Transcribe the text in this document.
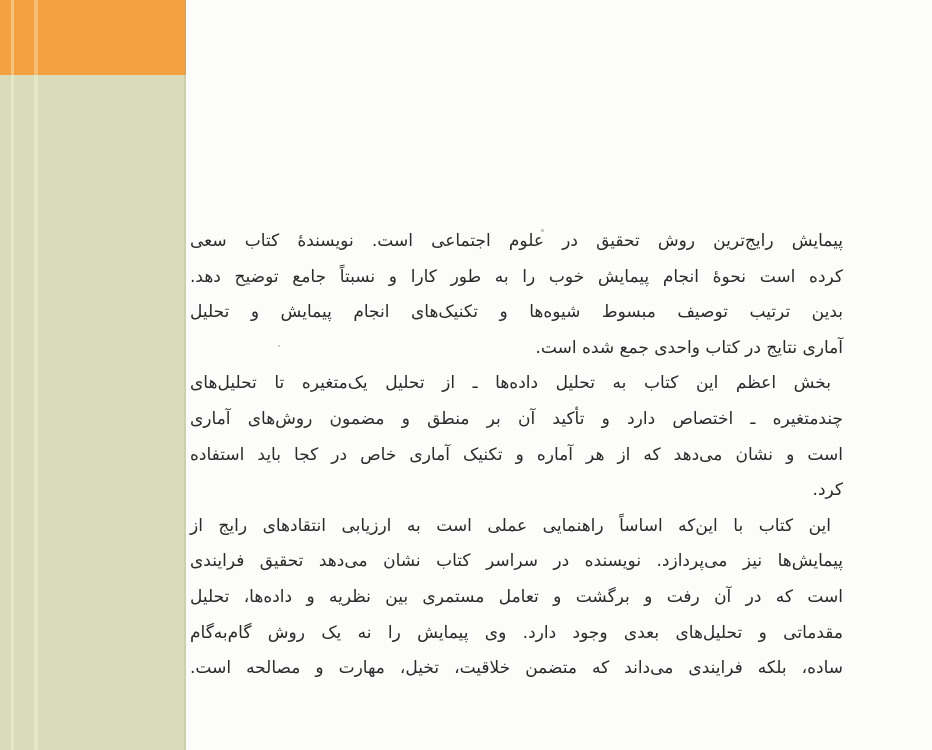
پیمایش رایج‌ترین روش تحقیق در علوم اجتماعی است. نویسندهٔ کتاب سعی
کرده است نحوهٔ انجام پیمایش خوب را به طور کارا و نسبتاً جامع توضیح دهد.
بدین ترتیب توصیف مبسوط شیوه‌ها و تکنیک‌های انجام پیمایش و تحلیل
آماری نتایج در کتاب واحدی جمع شده است.
بخش اعظم این کتاب به تحلیل داده‌ها ـ از تحلیل یک‌متغیره تا تحلیل‌های
چندمتغیره ـ اختصاص دارد و تأکید آن بر منطق و مضمون روش‌های آماری
است و نشان می‌دهد که از هر آماره و تکنیک آماری خاص در کجا باید استفاده
کرد.
این کتاب با این‌که اساساً راهنمایی عملی است به ارزیابی انتقادهای رایج از
پیمایش‌ها نیز می‌پردازد. نویسنده در سراسر کتاب نشان می‌دهد تحقیق فرایندی
است که در آن رفت و برگشت و تعامل مستمری بین نظریه و داده‌ها، تحلیل
مقدماتی و تحلیل‌های بعدی وجود دارد. وی پیمایش را نه یک روش گام‌به‌گام
ساده، بلکه فرایندی می‌داند که متضمن خلاقیت، تخیل، مهارت و مصالحه است.
